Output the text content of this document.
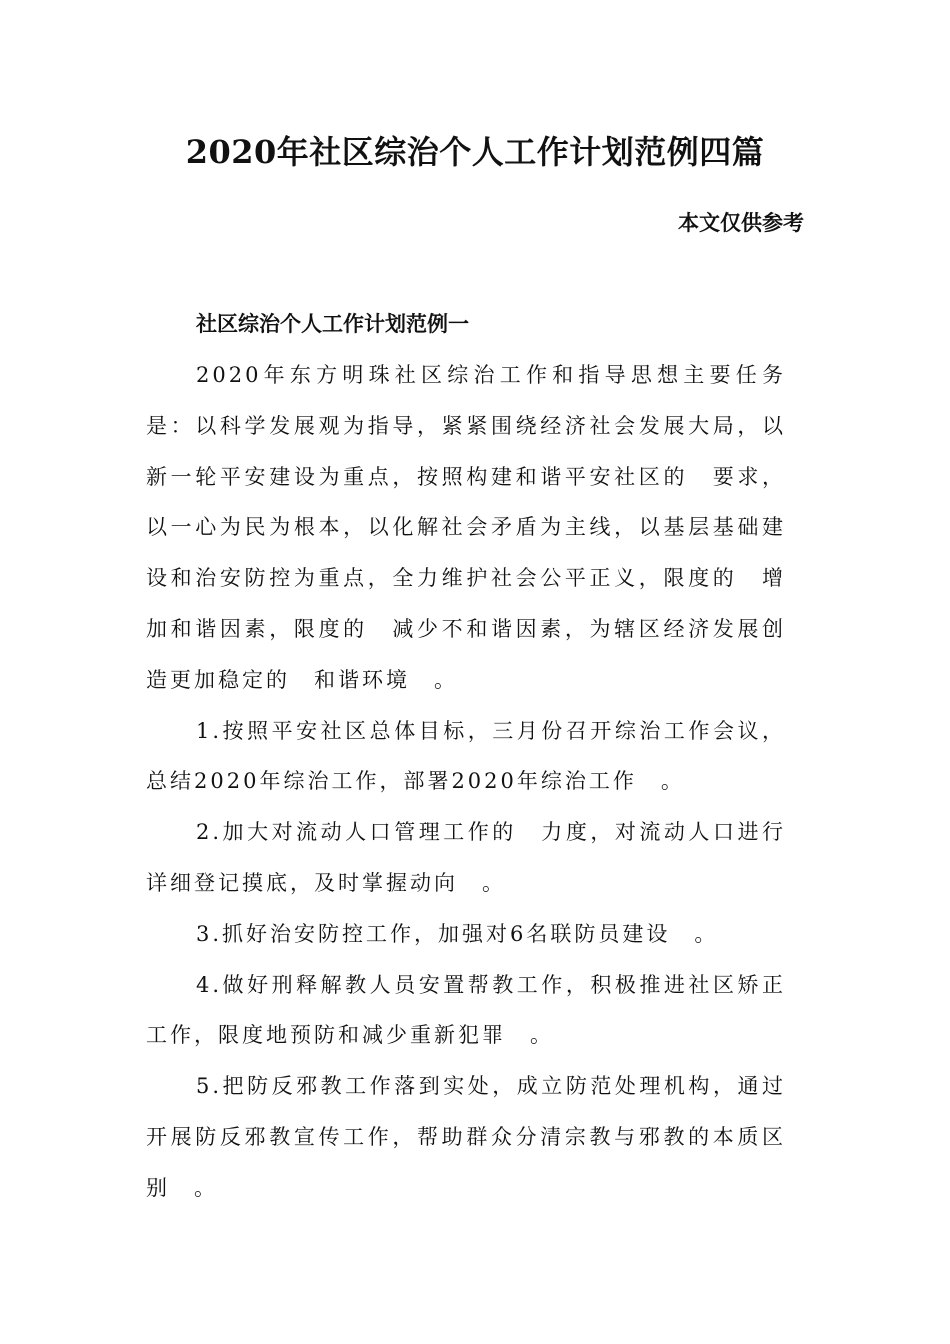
2020年社区综治个人工作计划范例四篇
本文仅供参考
社区综治个人工作计划范例一

2020年东方明珠社区综治工作和指导思想主要任务是：以科学发展观为指导，紧紧围绕经济社会发展大局，以新一轮平安建设为重点，按照构建和谐平安社区的　要求，以一心为民为根本，以化解社会矛盾为主线，以基层基础建设和治安防控为重点，全力维护社会公平正义，限度的　增加和谐因素，限度的　减少不和谐因素，为辖区经济发展创造更加稳定的　和谐环境　。

1.按照平安社区总体目标，三月份召开综治工作会议，总结2020年综治工作，部署2020年综治工作　。

2.加大对流动人口管理工作的　力度，对流动人口进行详细登记摸底，及时掌握动向　。

3.抓好治安防控工作，加强对6名联防员建设　。

4.做好刑释解教人员安置帮教工作，积极推进社区矫正工作，限度地预防和减少重新犯罪　。

5.把防反邪教工作落到实处，成立防范处理机构，通过开展防反邪教宣传工作，帮助群众分清宗教与邪教的本质区别　。
